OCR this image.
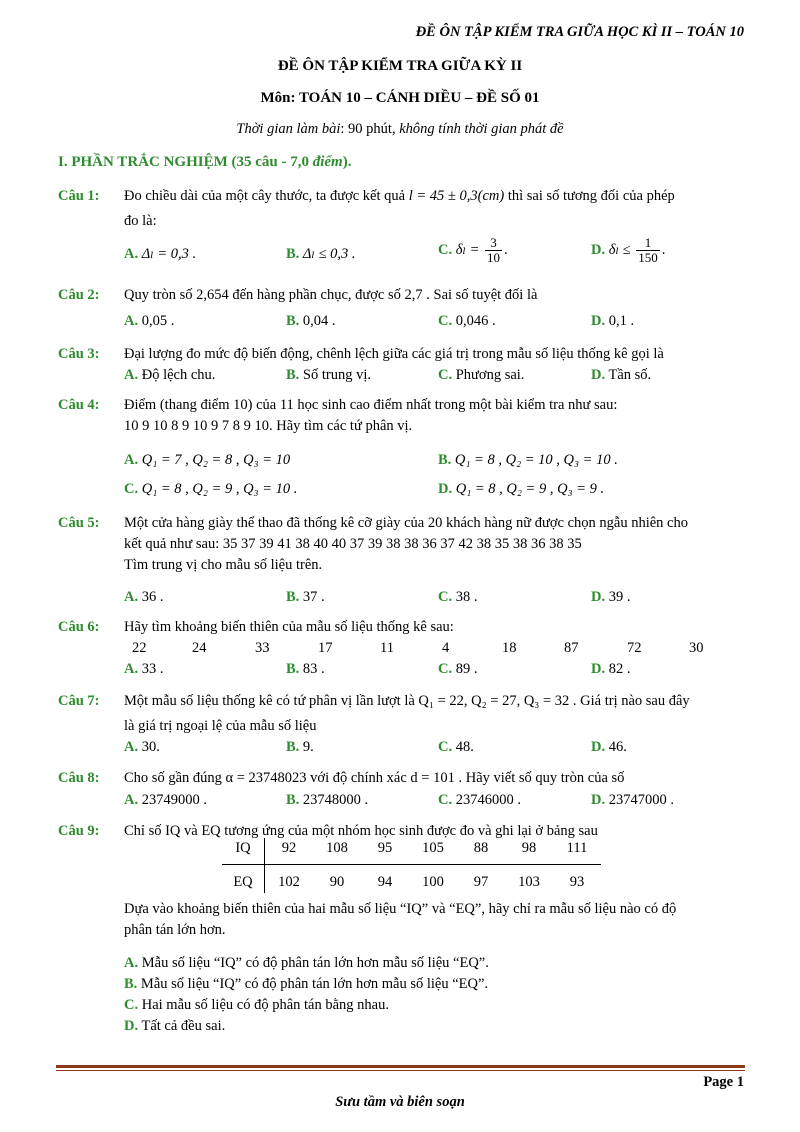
ĐỀ ÔN TẬP KIỂM TRA GIỮA HỌC KÌ II – TOÁN 10
ĐỀ ÔN TẬP KIỂM TRA GIỮA KỲ II
Môn: TOÁN 10 – CÁNH DIỀU – ĐỀ SỐ 01
Thời gian làm bài: 90 phút, không tính thời gian phát đề
I. PHẦN TRẮC NGHIỆM (35 câu - 7,0 điểm).
Câu 1: Đo chiều dài của một cây thước, ta được kết quả l = 45 ± 0,3(cm) thì sai số tương đối của phép
đo là:
A. Δₗ = 0,3 .	B. Δₗ ≤ 0,3 .	C. $\delta_l = \frac{3}{10}$ .	D. $\delta_l \le \frac{1}{150}$ .
Câu 2: Quy tròn số 2,654 đến hàng phần chục, được số 2,7 . Sai số tuyệt đối là
A. 0,05 .	B. 0,04 .	C. 0,046 .	D. 0,1 .
Câu 3: Đại lượng đo mức độ biến động, chênh lệch giữa các giá trị trong mẫu số liệu thống kê gọi là
A. Độ lệch chu.	B. Số trung vị.	C. Phương sai.	D. Tần số.
Câu 4: Điểm (thang điểm 10) của 11 học sinh cao điểm nhất trong một bài kiểm tra như sau:
10 9 10 8 9 10 9 7 8 9 10. Hãy tìm các tứ phân vị.
A. Q₁ = 7 , Q₂ = 8 , Q₃ = 10	B. Q₁ = 8 , Q₂ = 10 , Q₃ = 10 .
C. Q₁ = 8 , Q₂ = 9 , Q₃ = 10 .	D. Q₁ = 8 , Q₂ = 9 , Q₃ = 9 .
Câu 5: Một cửa hàng giày thể thao đã thống kê cỡ giày của 20 khách hàng nữ được chọn ngẫu nhiên cho
kết quả như sau: 35 37 39 41 38 40 40 37 39 38 38 36 37 42 38 35 38 36 38 35
Tìm trung vị cho mẫu số liệu trên.
A. 36 .	B. 37 .	C. 38 .	D. 39 .
Câu 6: Hãy tìm khoảng biến thiên của mẫu số liệu thống kê sau:
22	24	33	17	11	4	18	87	72	30
A. 33 .	B. 83 .	C. 89 .	D. 82 .
Câu 7: Một mẫu số liệu thống kê có tứ phân vị lần lượt là Q₁ = 22, Q₂ = 27, Q₃ = 32 . Giá trị nào sau đây
là giá trị ngoại lệ của mẫu số liệu
A. 30.	B. 9.	C. 48.	D. 46.
Câu 8: Cho số gần đúng α = 23748023 với độ chính xác d = 101 . Hãy viết số quy tròn của số
A. 23749000 .	B. 23748000 .	C. 23746000 .	D. 23747000 .
Câu 9: Chỉ số IQ và EQ tương ứng của một nhóm học sinh được đo và ghi lại ở bảng sau
IQ	92	108	95	105	88	98	111
EQ	102	90	94	100	97	103	93
Dựa vào khoảng biến thiên của hai mẫu số liệu “IQ” và “EQ”, hãy chỉ ra mẫu số liệu nào có độ
phân tán lớn hơn.
A. Mẫu số liệu “IQ” có độ phân tán lớn hơn mẫu số liệu “EQ”.
B. Mẫu số liệu “IQ” có độ phân tán lớn hơn mẫu số liệu “EQ”.
C. Hai mẫu số liệu có độ phân tán bằng nhau.
D. Tất cả đều sai.
Page 1
Sưu tầm và biên soạn
